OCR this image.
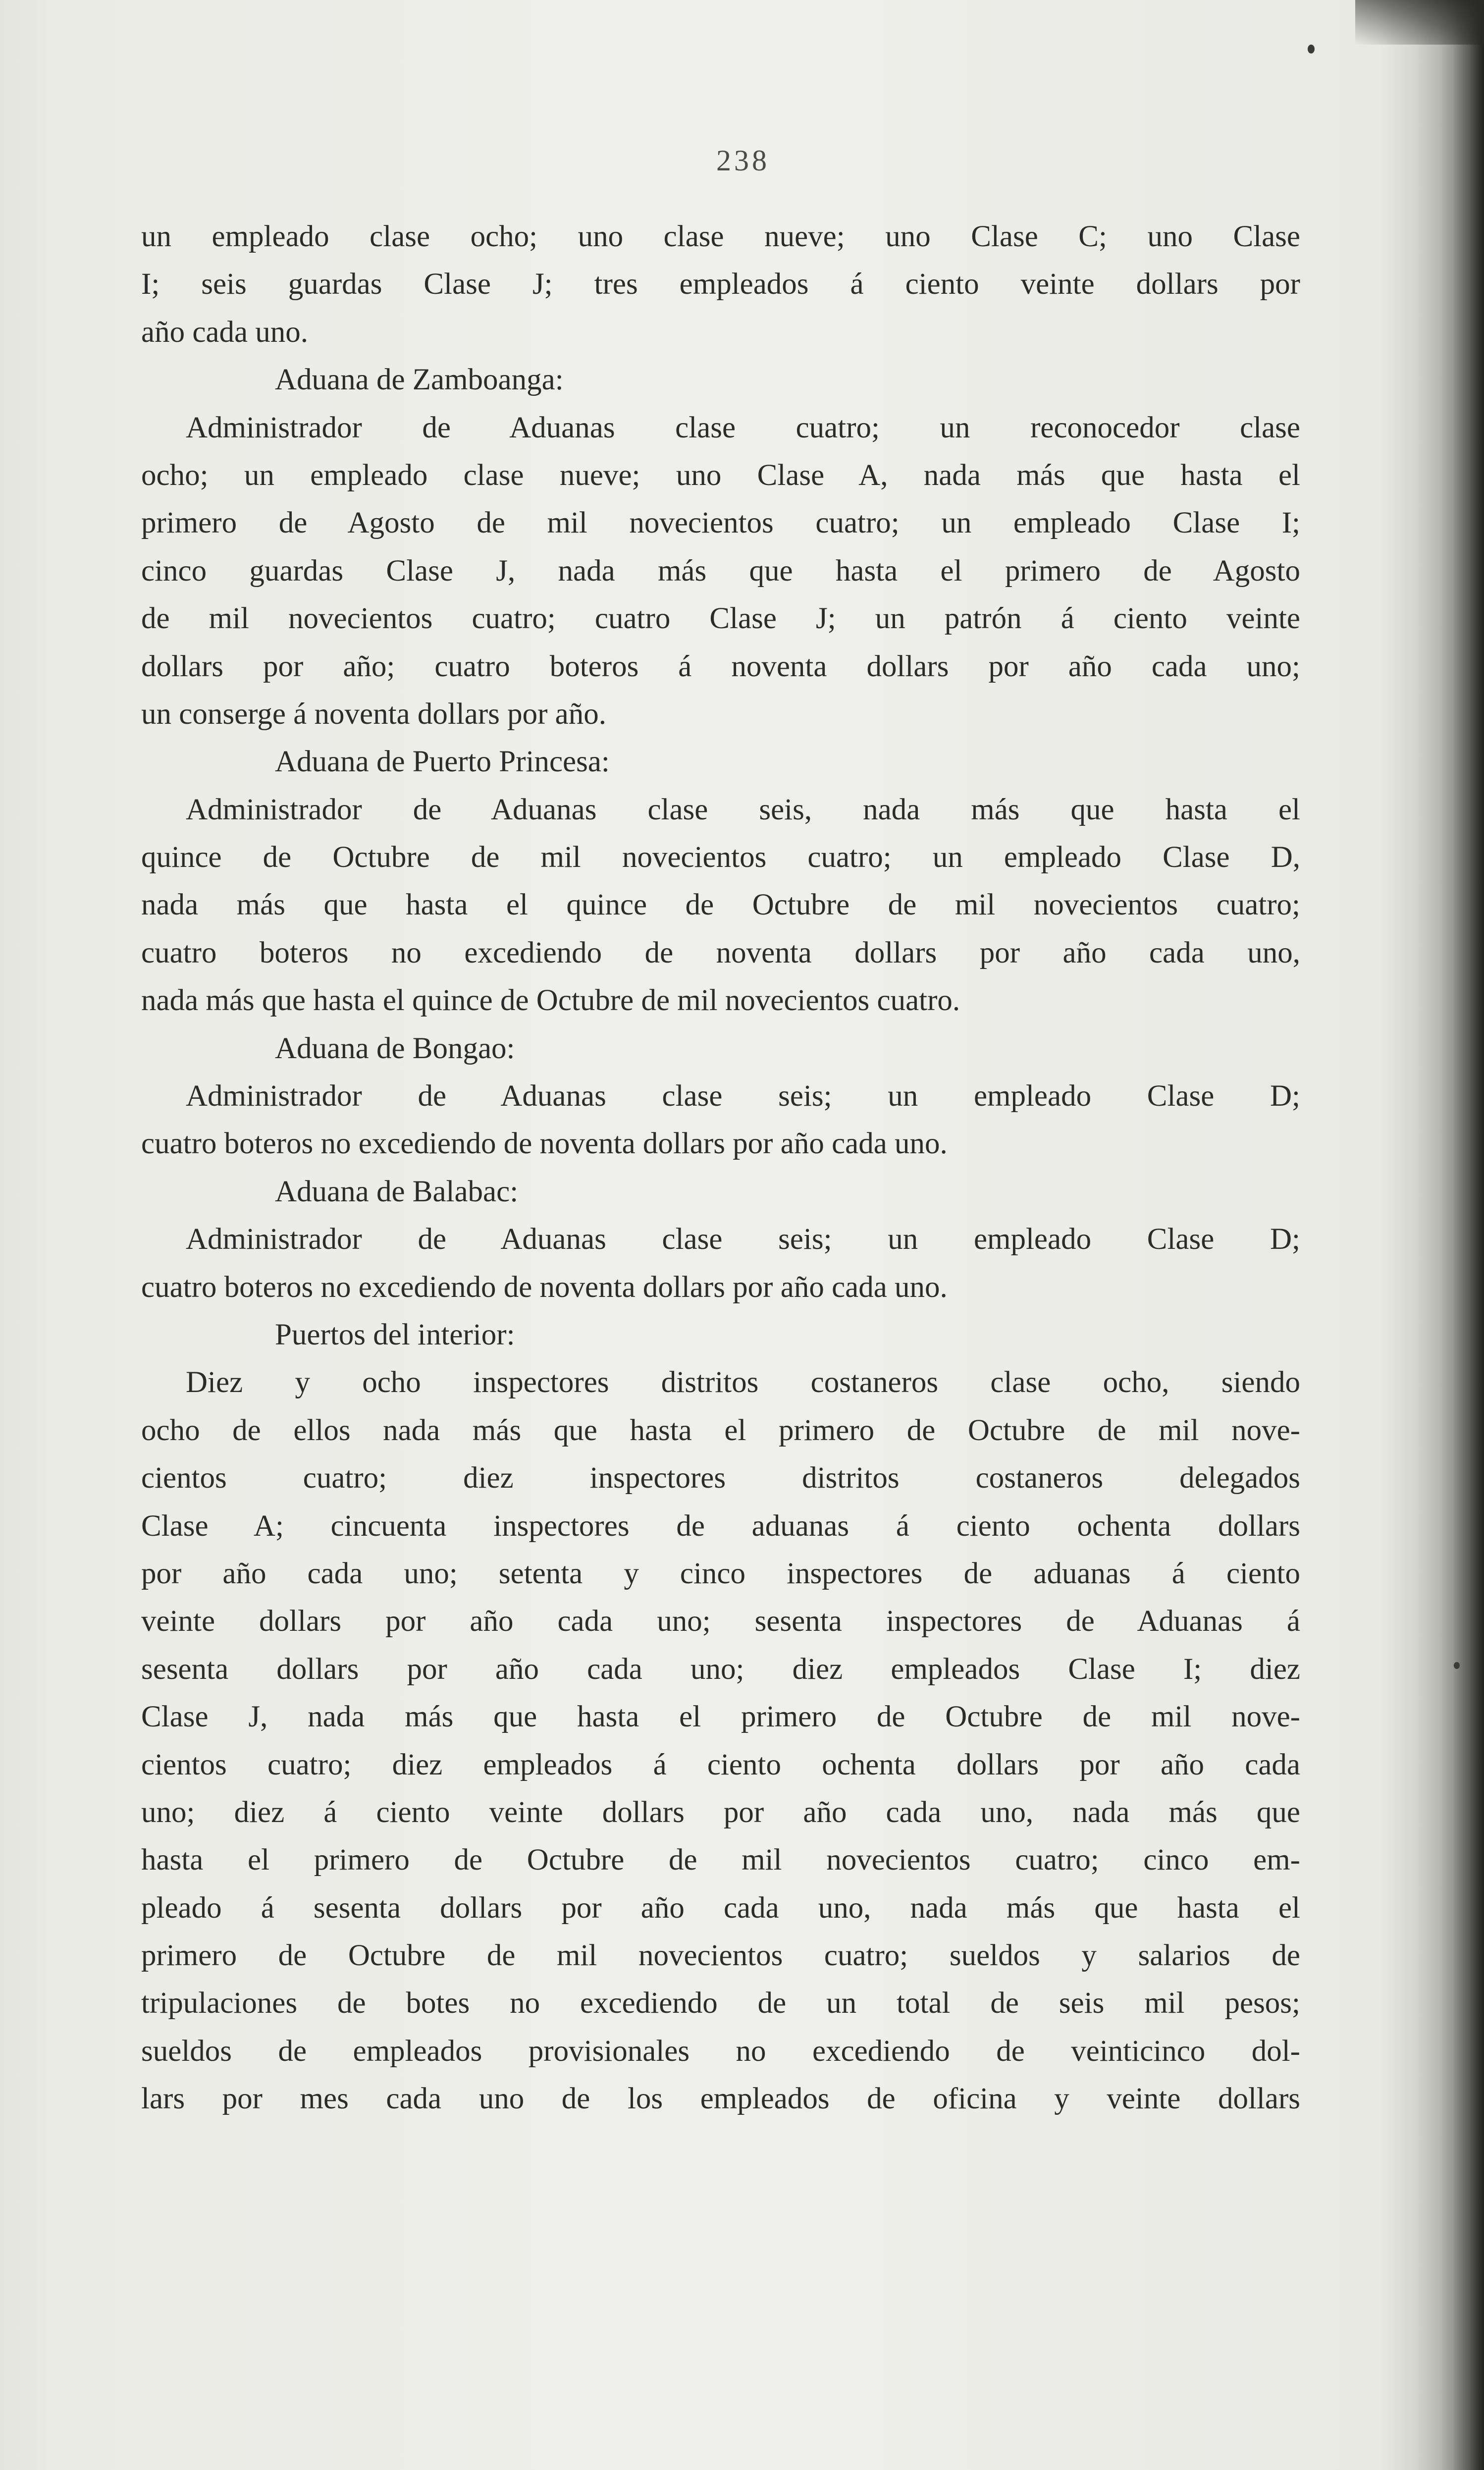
238
un empleado clase ocho; uno clase nueve; uno Clase C; uno Clase
I; seis guardas Clase J; tres empleados á ciento veinte dollars por
año cada uno.
Aduana de Zamboanga:
Administrador de Aduanas clase cuatro; un reconocedor clase
ocho; un empleado clase nueve; uno Clase A, nada más que hasta el
primero de Agosto de mil novecientos cuatro; un empleado Clase I;
cinco guardas Clase J, nada más que hasta el primero de Agosto
de mil novecientos cuatro; cuatro Clase J; un patrón á ciento veinte
dollars por año; cuatro boteros á noventa dollars por año cada uno;
un conserge á noventa dollars por año.
Aduana de Puerto Princesa:
Administrador de Aduanas clase seis, nada más que hasta el
quince de Octubre de mil novecientos cuatro; un empleado Clase D,
nada más que hasta el quince de Octubre de mil novecientos cuatro;
cuatro boteros no excediendo de noventa dollars por año cada uno,
nada más que hasta el quince de Octubre de mil novecientos cuatro.
Aduana de Bongao:
Administrador de Aduanas clase seis; un empleado Clase D;
cuatro boteros no excediendo de noventa dollars por año cada uno.
Aduana de Balabac:
Administrador de Aduanas clase seis; un empleado Clase D;
cuatro boteros no excediendo de noventa dollars por año cada uno.
Puertos del interior:
Diez y ocho inspectores distritos costaneros clase ocho, siendo
ocho de ellos nada más que hasta el primero de Octubre de mil nove-
cientos cuatro; diez inspectores distritos costaneros delegados
Clase A; cincuenta inspectores de aduanas á ciento ochenta dollars
por año cada uno; setenta y cinco inspectores de aduanas á ciento
veinte dollars por año cada uno; sesenta inspectores de Aduanas á
sesenta dollars por año cada uno; diez empleados Clase I; diez
Clase J, nada más que hasta el primero de Octubre de mil nove-
cientos cuatro; diez empleados á ciento ochenta dollars por año cada
uno; diez á ciento veinte dollars por año cada uno, nada más que
hasta el primero de Octubre de mil novecientos cuatro; cinco em-
pleado á sesenta dollars por año cada uno, nada más que hasta el
primero de Octubre de mil novecientos cuatro; sueldos y salarios de
tripulaciones de botes no excediendo de un total de seis mil pesos;
sueldos de empleados provisionales no excediendo de veinticinco dol-
lars por mes cada uno de los empleados de oficina y veinte dollars
